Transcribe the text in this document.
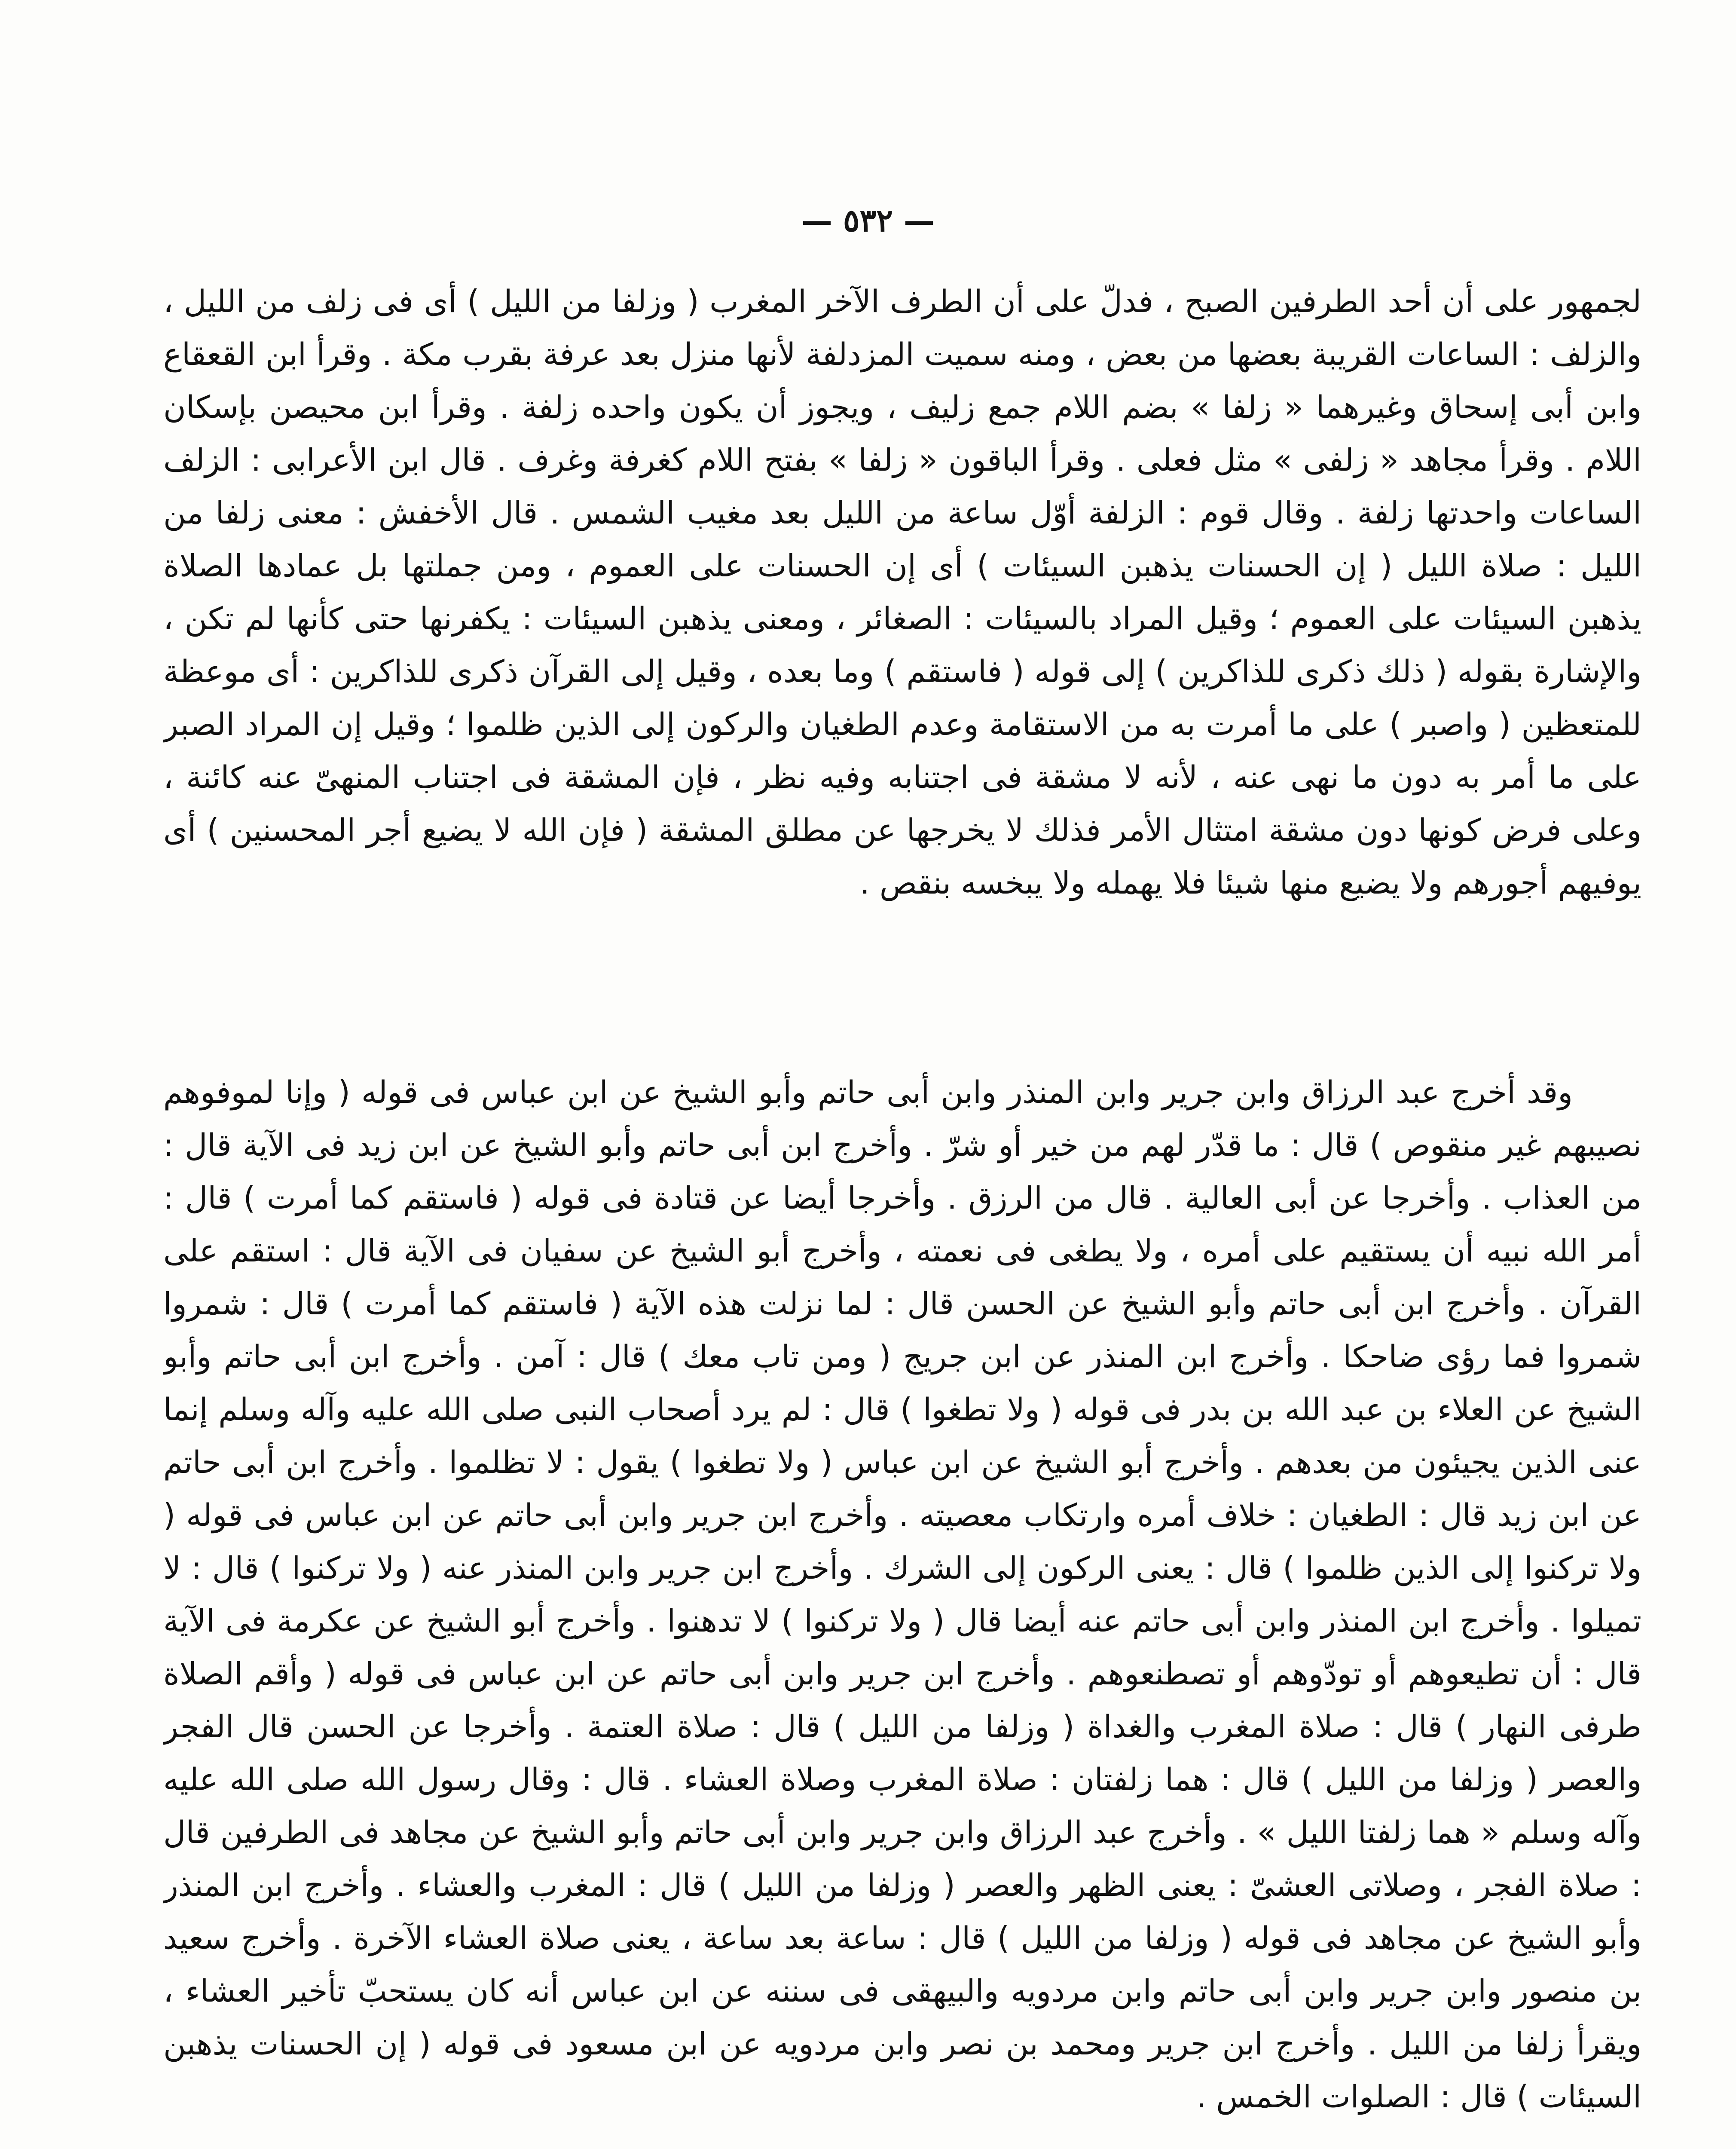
— ٥٣٢ —

لجمهور على أن أحد الطرفين الصبح ، فدلّ على أن الطرف الآخر المغرب ( وزلفا من الليل ) أى فى زلف من الليل ، والزلف : الساعات القريبة بعضها من بعض ، ومنه سميت المزدلفة لأنها منزل بعد عرفة بقرب مكة . وقرأ ابن القعقاع وابن أبى إسحاق وغيرهما « زلفا » بضم اللام جمع زليف ، ويجوز أن يكون واحده زلفة . وقرأ ابن محيصن بإسكان اللام . وقرأ مجاهد « زلفى » مثل فعلى . وقرأ الباقون « زلفا » بفتح اللام كغرفة وغرف . قال ابن الأعرابى : الزلف الساعات واحدتها زلفة . وقال قوم : الزلفة أوّل ساعة من الليل بعد مغيب الشمس . قال الأخفش : معنى زلفا من الليل : صلاة الليل ( إن الحسنات يذهبن السيئات ) أى إن الحسنات على العموم ، ومن جملتها بل عمادها الصلاة يذهبن السيئات على العموم ؛ وقيل المراد بالسيئات : الصغائر ، ومعنى يذهبن السيئات : يكفرنها حتى كأنها لم تكن ، والإشارة بقوله ( ذلك ذكرى للذاكرين ) إلى قوله ( فاستقم ) وما بعده ، وقيل إلى القرآن ذكرى للذاكرين : أى موعظة للمتعظين ( واصبر ) على ما أمرت به من الاستقامة وعدم الطغيان والركون إلى الذين ظلموا ؛ وقيل إن المراد الصبر على ما أمر به دون ما نهى عنه ، لأنه لا مشقة فى اجتنابه وفيه نظر ، فإن المشقة فى اجتناب المنهىّ عنه كائنة ، وعلى فرض كونها دون مشقة امتثال الأمر فذلك لا يخرجها عن مطلق المشقة ( فإن الله لا يضيع أجر المحسنين ) أى يوفيهم أجورهم ولا يضيع منها شيئا فلا يهمله ولا يبخسه بنقص .

وقد أخرج عبد الرزاق وابن جرير وابن المنذر وابن أبى حاتم وأبو الشيخ عن ابن عباس فى قوله ( وإنا لموفوهم نصيبهم غير منقوص ) قال : ما قدّر لهم من خير أو شرّ . وأخرج ابن أبى حاتم وأبو الشيخ عن ابن زيد فى الآية قال : من العذاب . وأخرجا عن أبى العالية . قال من الرزق . وأخرجا أيضا عن قتادة فى قوله ( فاستقم كما أمرت ) قال : أمر الله نبيه أن يستقيم على أمره ، ولا يطغى فى نعمته ، وأخرج أبو الشيخ عن سفيان فى الآية قال : استقم على القرآن . وأخرج ابن أبى حاتم وأبو الشيخ عن الحسن قال : لما نزلت هذه الآية ( فاستقم كما أمرت ) قال : شمروا شمروا فما رؤى ضاحكا . وأخرج ابن المنذر عن ابن جريج ( ومن تاب معك ) قال : آمن . وأخرج ابن أبى حاتم وأبو الشيخ عن العلاء بن عبد الله بن بدر فى قوله ( ولا تطغوا ) قال : لم يرد أصحاب النبى صلى الله عليه وآله وسلم إنما عنى الذين يجيئون من بعدهم . وأخرج أبو الشيخ عن ابن عباس ( ولا تطغوا ) يقول : لا تظلموا . وأخرج ابن أبى حاتم عن ابن زيد قال : الطغيان : خلاف أمره وارتكاب معصيته . وأخرج ابن جرير وابن أبى حاتم عن ابن عباس فى قوله ( ولا تركنوا إلى الذين ظلموا ) قال : يعنى الركون إلى الشرك . وأخرج ابن جرير وابن المنذر عنه ( ولا تركنوا ) قال : لا تميلوا . وأخرج ابن المنذر وابن أبى حاتم عنه أيضا قال ( ولا تركنوا ) لا تدهنوا . وأخرج أبو الشيخ عن عكرمة فى الآية قال : أن تطيعوهم أو تودّوهم أو تصطنعوهم . وأخرج ابن جرير وابن أبى حاتم عن ابن عباس فى قوله ( وأقم الصلاة طرفى النهار ) قال : صلاة المغرب والغداة ( وزلفا من الليل ) قال : صلاة العتمة . وأخرجا عن الحسن قال الفجر والعصر ( وزلفا من الليل ) قال : هما زلفتان : صلاة المغرب وصلاة العشاء . قال : وقال رسول الله صلى الله عليه وآله وسلم « هما زلفتا الليل » . وأخرج عبد الرزاق وابن جرير وابن أبى حاتم وأبو الشيخ عن مجاهد فى الطرفين قال : صلاة الفجر ، وصلاتى العشىّ : يعنى الظهر والعصر ( وزلفا من الليل ) قال : المغرب والعشاء . وأخرج ابن المنذر وأبو الشيخ عن مجاهد فى قوله ( وزلفا من الليل ) قال : ساعة بعد ساعة ، يعنى صلاة العشاء الآخرة . وأخرج سعيد بن منصور وابن جرير وابن أبى حاتم وابن مردويه والبيهقى فى سننه عن ابن عباس أنه كان يستحبّ تأخير العشاء ، ويقرأ زلفا من الليل . وأخرج ابن جرير ومحمد بن نصر وابن مردويه عن ابن مسعود فى قوله ( إن الحسنات يذهبن السيئات ) قال : الصلوات الخمس .
